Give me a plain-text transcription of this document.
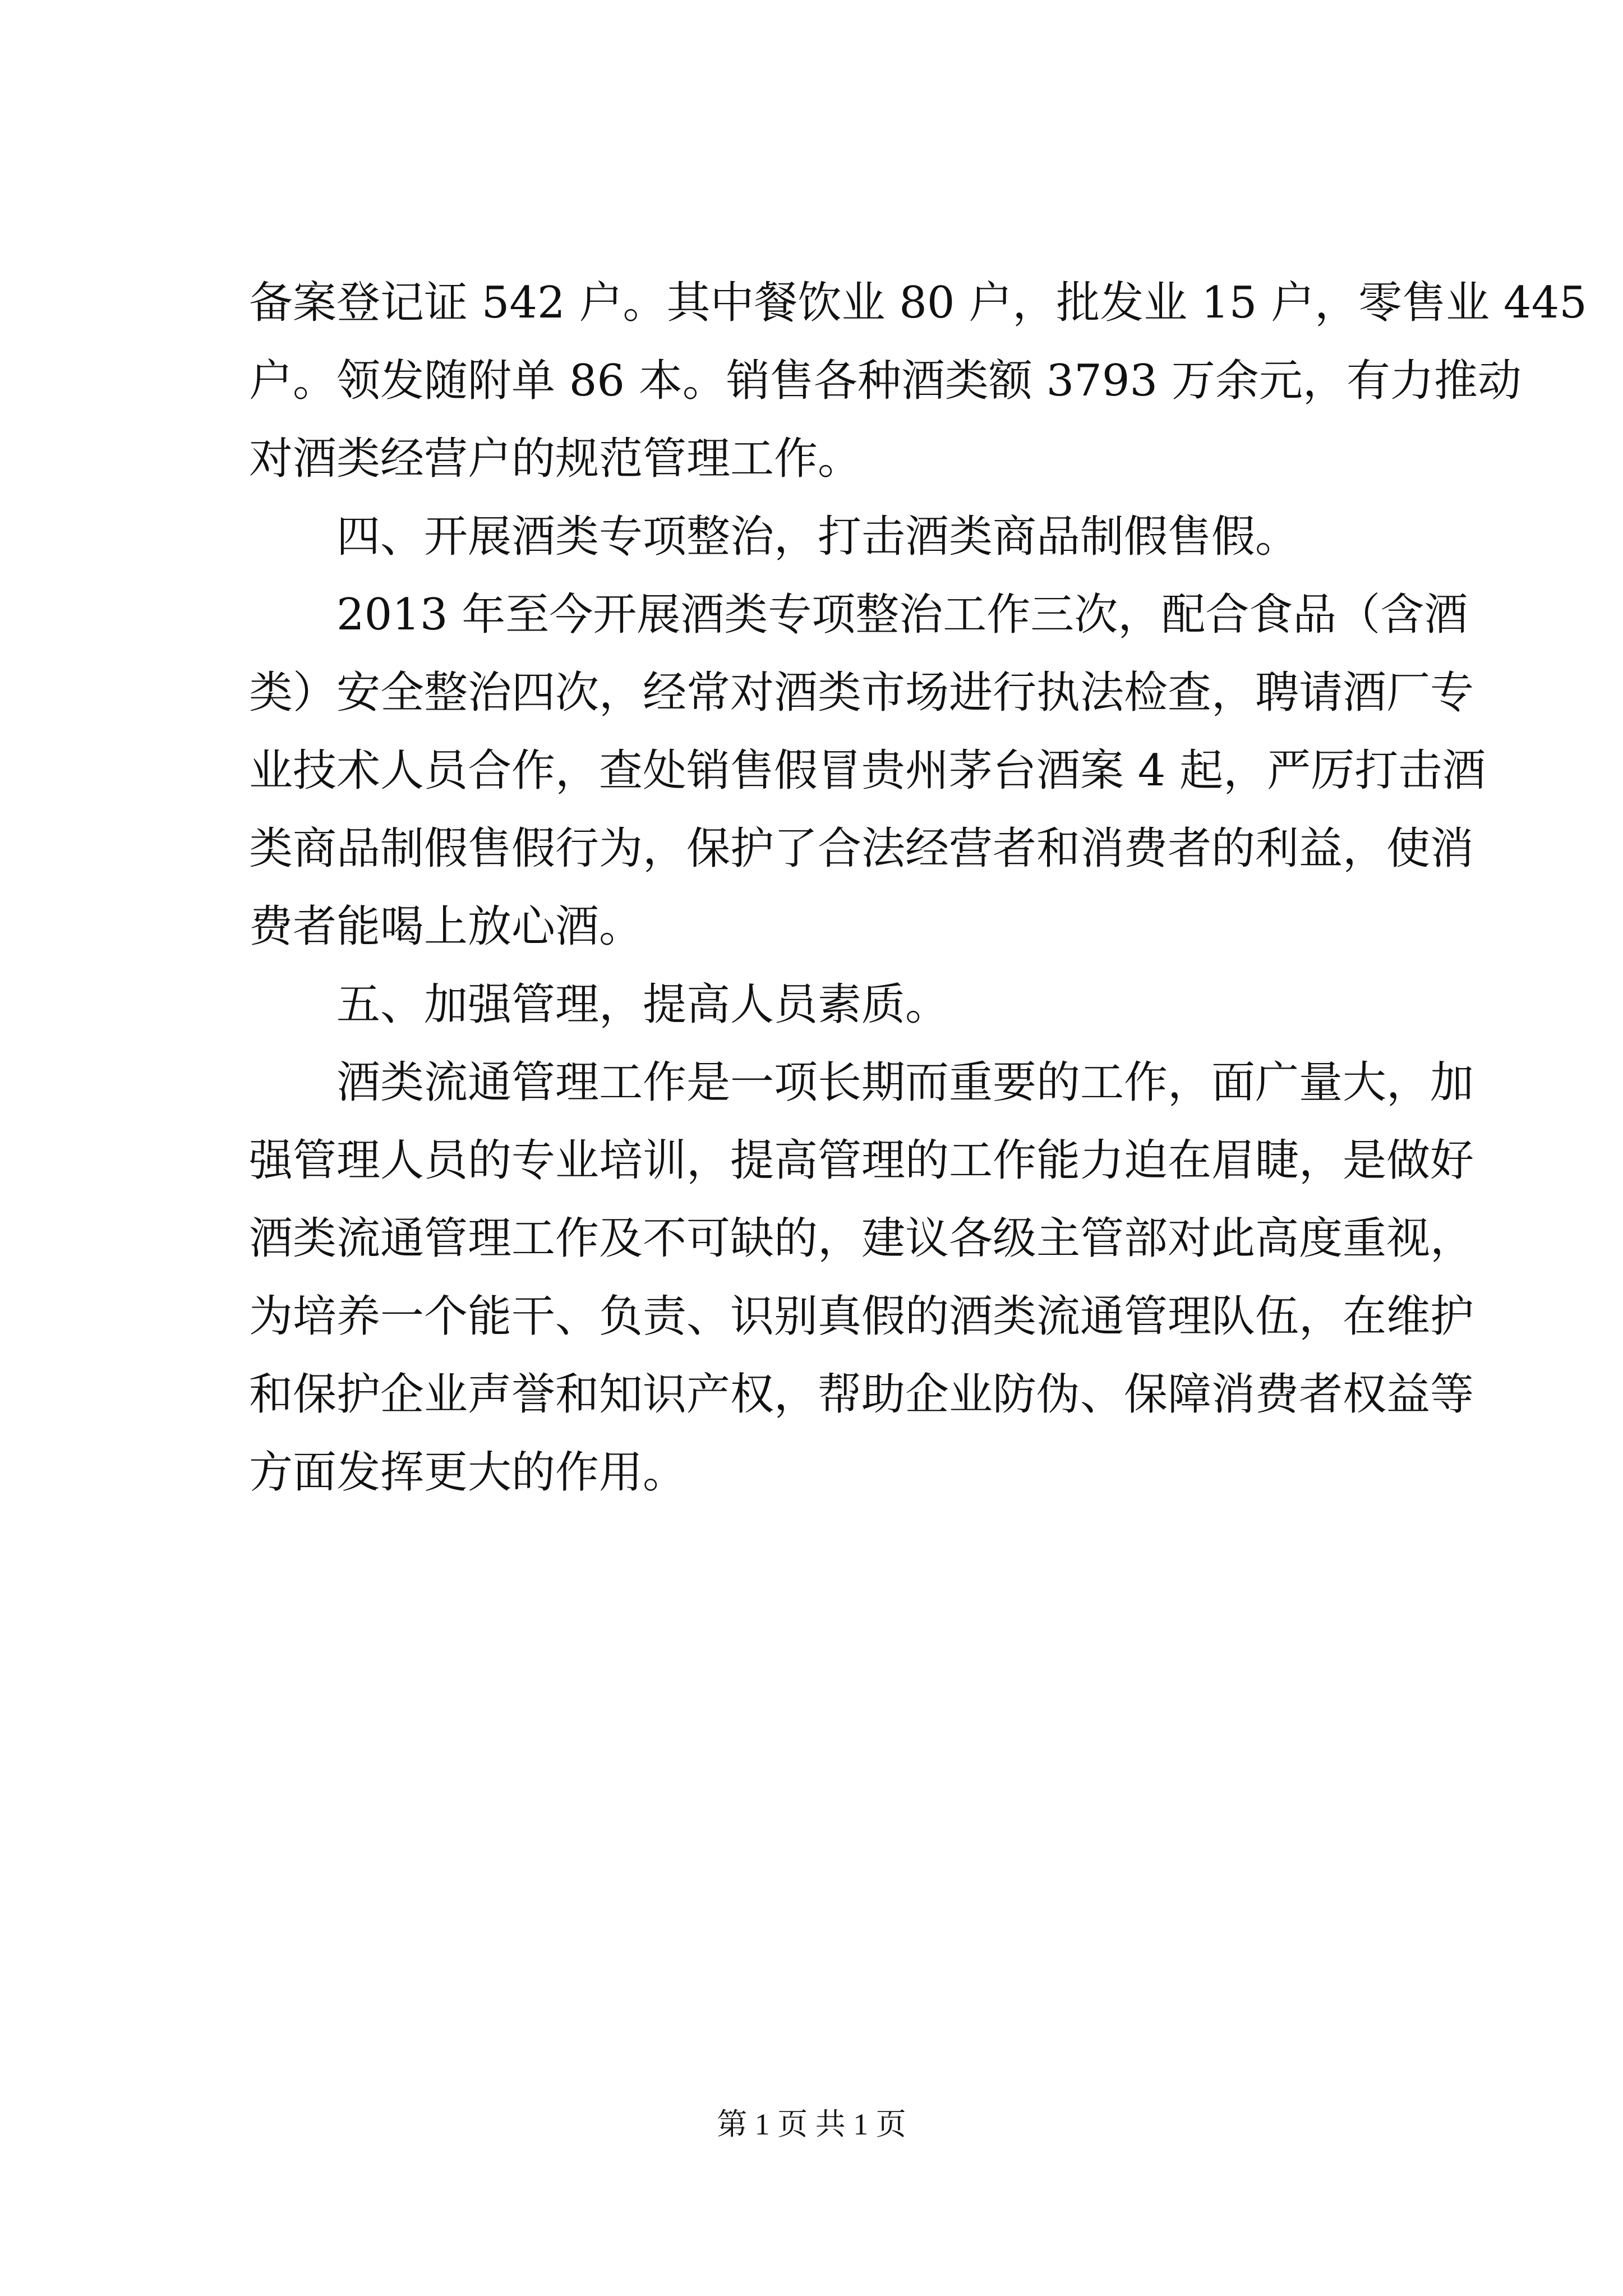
备案登记证 542 户。其中餐饮业 80 户，批发业 15 户，零售业 445
户。领发随附单 86 本。销售各种酒类额 3793 万余元，有力推动
对酒类经营户的规范管理工作。
四、开展酒类专项整治，打击酒类商品制假售假。
2013 年至今开展酒类专项整治工作三次，配合食品（含酒
类）安全整治四次，经常对酒类市场进行执法检查，聘请酒厂专
业技术人员合作，查处销售假冒贵州茅台酒案 4 起，严厉打击酒
类商品制假售假行为，保护了合法经营者和消费者的利益，使消
费者能喝上放心酒。
五、加强管理，提高人员素质。
酒类流通管理工作是一项长期而重要的工作，面广量大，加
强管理人员的专业培训，提高管理的工作能力迫在眉睫，是做好
酒类流通管理工作及不可缺的，建议各级主管部对此高度重视，
为培养一个能干、负责、识别真假的酒类流通管理队伍，在维护
和保护企业声誉和知识产权，帮助企业防伪、保障消费者权益等
方面发挥更大的作用。
第 1 页 共 1 页
